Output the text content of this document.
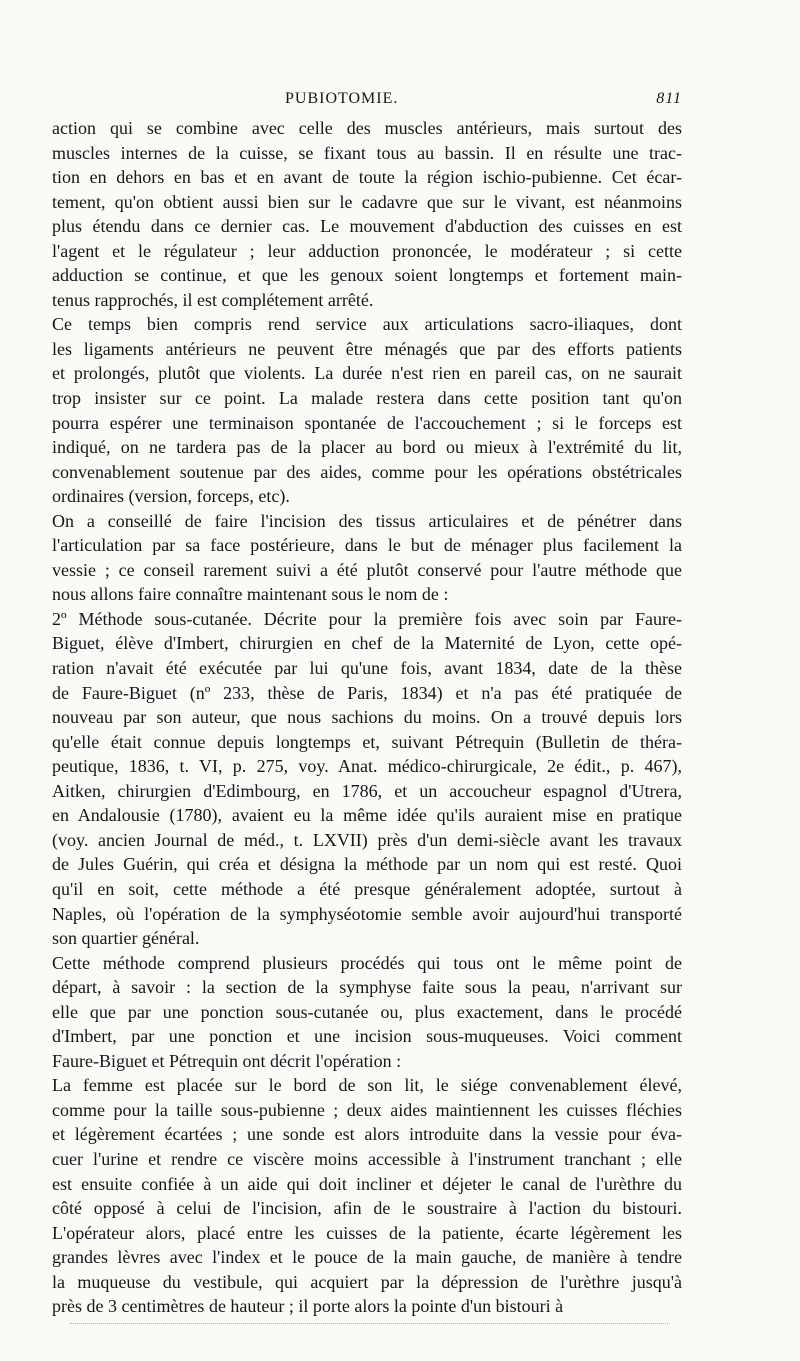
PUBIOTOMIE.	811
action qui se combine avec celle des muscles antérieurs, mais surtout des
muscles internes de la cuisse, se fixant tous au bassin. Il en résulte une trac-
tion en dehors en bas et en avant de toute la région ischio-pubienne. Cet écar-
tement, qu'on obtient aussi bien sur le cadavre que sur le vivant, est néanmoins
plus étendu dans ce dernier cas. Le mouvement d'abduction des cuisses en est
l'agent et le régulateur ; leur adduction prononcée, le modérateur ; si cette
adduction se continue, et que les genoux soient longtemps et fortement main-
tenus rapprochés, il est complétement arrêté.
Ce temps bien compris rend service aux articulations sacro-iliaques, dont
les ligaments antérieurs ne peuvent être ménagés que par des efforts patients
et prolongés, plutôt que violents. La durée n'est rien en pareil cas, on ne saurait
trop insister sur ce point. La malade restera dans cette position tant qu'on
pourra espérer une terminaison spontanée de l'accouchement ; si le forceps est
indiqué, on ne tardera pas de la placer au bord ou mieux à l'extrémité du lit,
convenablement soutenue par des aides, comme pour les opérations obstétricales
ordinaires (version, forceps, etc).
On a conseillé de faire l'incision des tissus articulaires et de pénétrer dans
l'articulation par sa face postérieure, dans le but de ménager plus facilement la
vessie ; ce conseil rarement suivi a été plutôt conservé pour l'autre méthode que
nous allons faire connaître maintenant sous le nom de :
2º Méthode sous-cutanée. Décrite pour la première fois avec soin par Faure-
Biguet, élève d'Imbert, chirurgien en chef de la Maternité de Lyon, cette opé-
ration n'avait été exécutée par lui qu'une fois, avant 1834, date de la thèse
de Faure-Biguet (nº 233, thèse de Paris, 1834) et n'a pas été pratiquée de
nouveau par son auteur, que nous sachions du moins. On a trouvé depuis lors
qu'elle était connue depuis longtemps et, suivant Pétrequin (Bulletin de théra-
peutique, 1836, t. VI, p. 275, voy. Anat. médico-chirurgicale, 2e édit., p. 467),
Aitken, chirurgien d'Edimbourg, en 1786, et un accoucheur espagnol d'Utrera,
en Andalousie (1780), avaient eu la même idée qu'ils auraient mise en pratique
(voy. ancien Journal de méd., t. LXVII) près d'un demi-siècle avant les travaux
de Jules Guérin, qui créa et désigna la méthode par un nom qui est resté. Quoi
qu'il en soit, cette méthode a été presque généralement adoptée, surtout à
Naples, où l'opération de la symphyséotomie semble avoir aujourd'hui transporté
son quartier général.
Cette méthode comprend plusieurs procédés qui tous ont le même point de
départ, à savoir : la section de la symphyse faite sous la peau, n'arrivant sur
elle que par une ponction sous-cutanée ou, plus exactement, dans le procédé
d'Imbert, par une ponction et une incision sous-muqueuses. Voici comment
Faure-Biguet et Pétrequin ont décrit l'opération :
La femme est placée sur le bord de son lit, le siége convenablement élevé,
comme pour la taille sous-pubienne ; deux aides maintiennent les cuisses fléchies
et légèrement écartées ; une sonde est alors introduite dans la vessie pour éva-
cuer l'urine et rendre ce viscère moins accessible à l'instrument tranchant ; elle
est ensuite confiée à un aide qui doit incliner et déjeter le canal de l'urèthre du
côté opposé à celui de l'incision, afin de le soustraire à l'action du bistouri.
L'opérateur alors, placé entre les cuisses de la patiente, écarte légèrement les
grandes lèvres avec l'index et le pouce de la main gauche, de manière à tendre
la muqueuse du vestibule, qui acquiert par la dépression de l'urèthre jusqu'à
près de 3 centimètres de hauteur ; il porte alors la pointe d'un bistouri à
